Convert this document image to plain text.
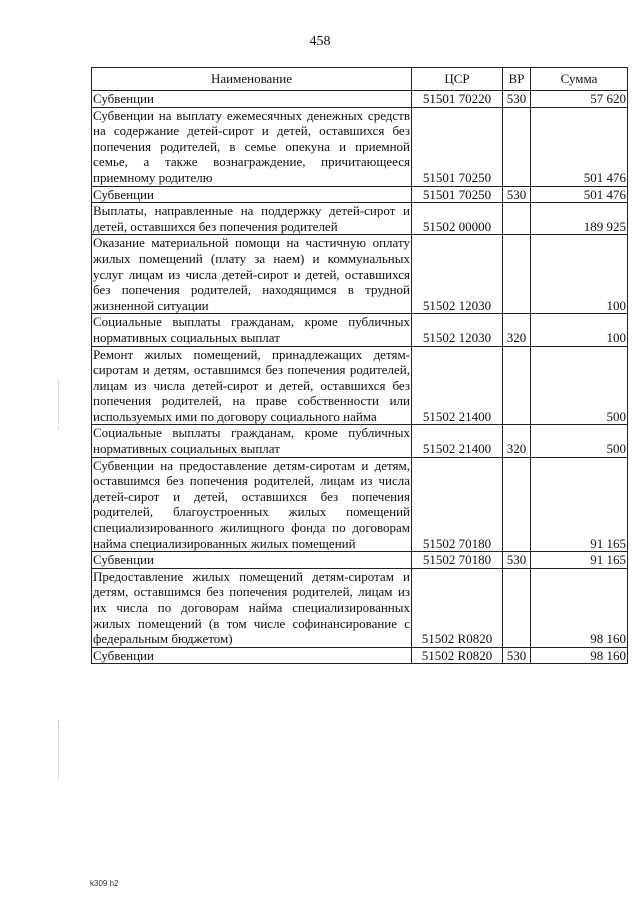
458
Наименование	ЦСР	ВР	Сумма
Субвенции	51501 70220	530	57 620
Субвенции на выплату ежемесячных денежных средств на содержание детей-сирот и детей, оставшихся без попечения родителей, в семье опекуна и приемной семье, а также вознаграждение, причитающееся приемному родителю	51501 70250		501 476
Субвенции	51501 70250	530	501 476
Выплаты, направленные на поддержку детей-сирот и детей, оставшихся без попечения родителей	51502 00000		189 925
Оказание материальной помощи на частичную оплату жилых помещений (плату за наем) и коммунальных услуг лицам из числа детей-сирот и детей, оставшихся без попечения родителей, находящимся в трудной жизненной ситуации	51502 12030		100
Социальные выплаты гражданам, кроме публичных нормативных социальных выплат	51502 12030	320	100
Ремонт жилых помещений, принадлежащих детям-сиротам и детям, оставшимся без попечения родителей, лицам из числа детей-сирот и детей, оставшихся без попечения родителей, на праве собственности или используемых ими по договору социального найма	51502 21400		500
Социальные выплаты гражданам, кроме публичных нормативных социальных выплат	51502 21400	320	500
Субвенции на предоставление детям-сиротам и детям, оставшимся без попечения родителей, лицам из числа детей-сирот и детей, оставшихся без попечения родителей, благоустроенных жилых помещений специализированного жилищного фонда по договорам найма специализированных жилых помещений	51502 70180		91 165
Субвенции	51502 70180	530	91 165
Предоставление жилых помещений детям-сиротам и детям, оставшимся без попечения родителей, лицам из их числа по договорам найма специализированных жилых помещений (в том числе софинансирование с федеральным бюджетом)	51502 R0820		98 160
Субвенции	51502 R0820	530	98 160
k309 h2
